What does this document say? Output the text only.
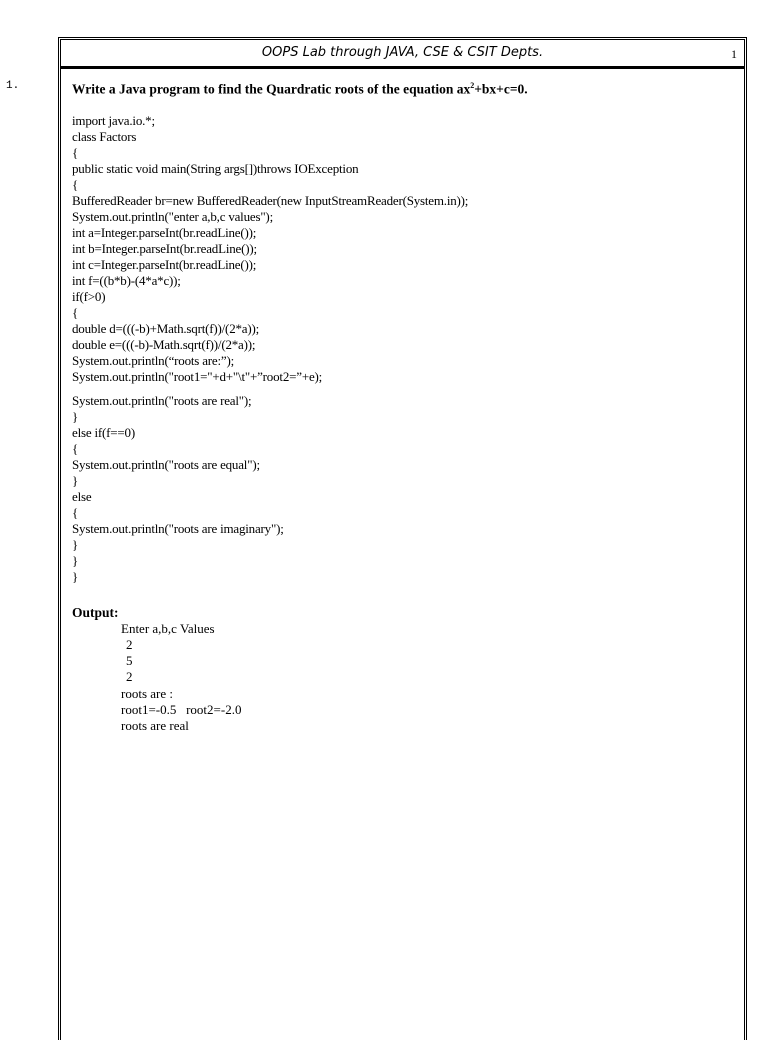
1.
OOPS Lab through JAVA, CSE & CSIT Depts.	1

Write a Java program to find the Quardratic roots of the equation $ax^2+bx+c=0$.

import java.io.*;
class Factors
{
public static void main(String args[])throws IOException
{
BufferedReader br=new BufferedReader(new InputStreamReader(System.in));
System.out.println("enter a,b,c values");
int a=Integer.parseInt(br.readLine());
int b=Integer.parseInt(br.readLine());
int c=Integer.parseInt(br.readLine());
int f=((b*b)-(4*a*c));
if(f>0)
{
double d=(((-b)+Math.sqrt(f))/(2*a));
double e=(((-b)-Math.sqrt(f))/(2*a));
System.out.println(“roots are:”);
System.out.println("root1="+d+"\t"+”root2=”+e);
System.out.println("roots are real");
}
else if(f==0)
{
System.out.println("roots are equal");
}
else
{
System.out.println("roots are imaginary");
}
}
}
Output:
Enter a,b,c Values
2
5
2
roots are :
root1=-0.5   root2=-2.0
roots are real
